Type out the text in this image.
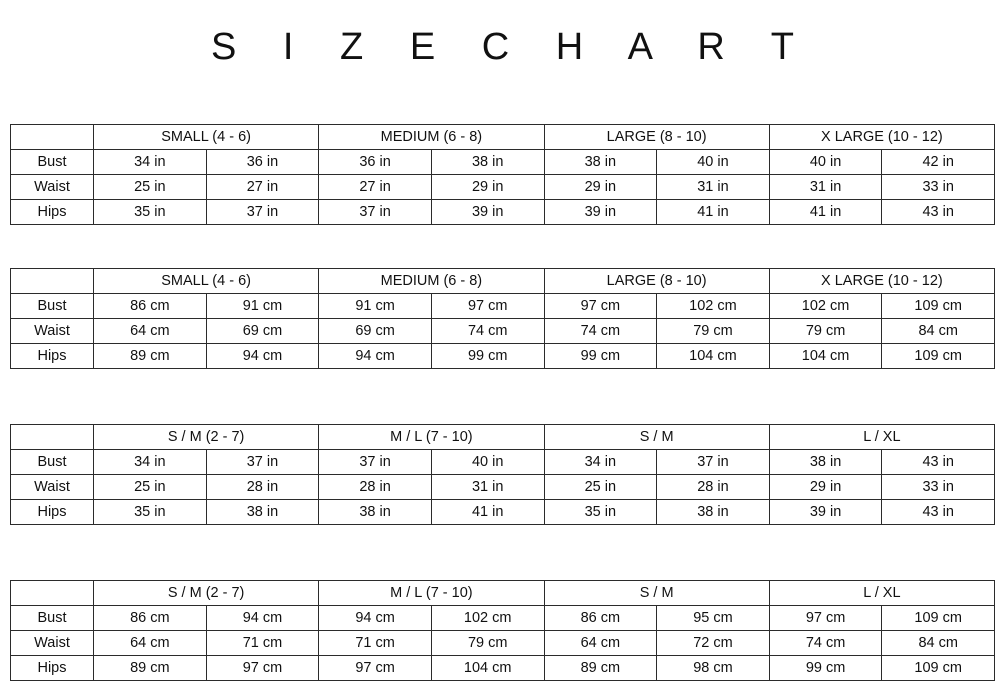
S I Z E C H A R T
	SMALL (4 - 6)		MEDIUM (6 - 8)		LARGE (8 - 10)		X LARGE (10 - 12)	
Bust	34 in	36 in	36 in	38 in	38 in	40 in	40 in	42 in
Waist	25 in	27 in	27 in	29 in	29 in	31 in	31 in	33 in
Hips	35 in	37 in	37 in	39 in	39 in	41 in	41 in	43 in
	SMALL (4 - 6)		MEDIUM (6 - 8)		LARGE (8 - 10)		X LARGE (10 - 12)	
Bust	86 cm	91 cm	91 cm	97 cm	97 cm	102 cm	102 cm	109 cm
Waist	64 cm	69 cm	69 cm	74 cm	74 cm	79 cm	79 cm	84 cm
Hips	89 cm	94 cm	94 cm	99 cm	99 cm	104 cm	104 cm	109 cm
	S / M (2 - 7)		M / L (7 - 10)		S / M		L / XL	
Bust	34 in	37 in	37 in	40 in	34 in	37 in	38 in	43 in
Waist	25 in	28 in	28 in	31 in	25 in	28 in	29 in	33 in
Hips	35 in	38 in	38 in	41 in	35 in	38 in	39 in	43 in
	S / M (2 - 7)		M / L (7 - 10)		S / M		L / XL	
Bust	86 cm	94 cm	94 cm	102 cm	86 cm	95 cm	97 cm	109 cm
Waist	64 cm	71 cm	71 cm	79 cm	64 cm	72 cm	74 cm	84 cm
Hips	89 cm	97 cm	97 cm	104 cm	89 cm	98 cm	99 cm	109 cm
